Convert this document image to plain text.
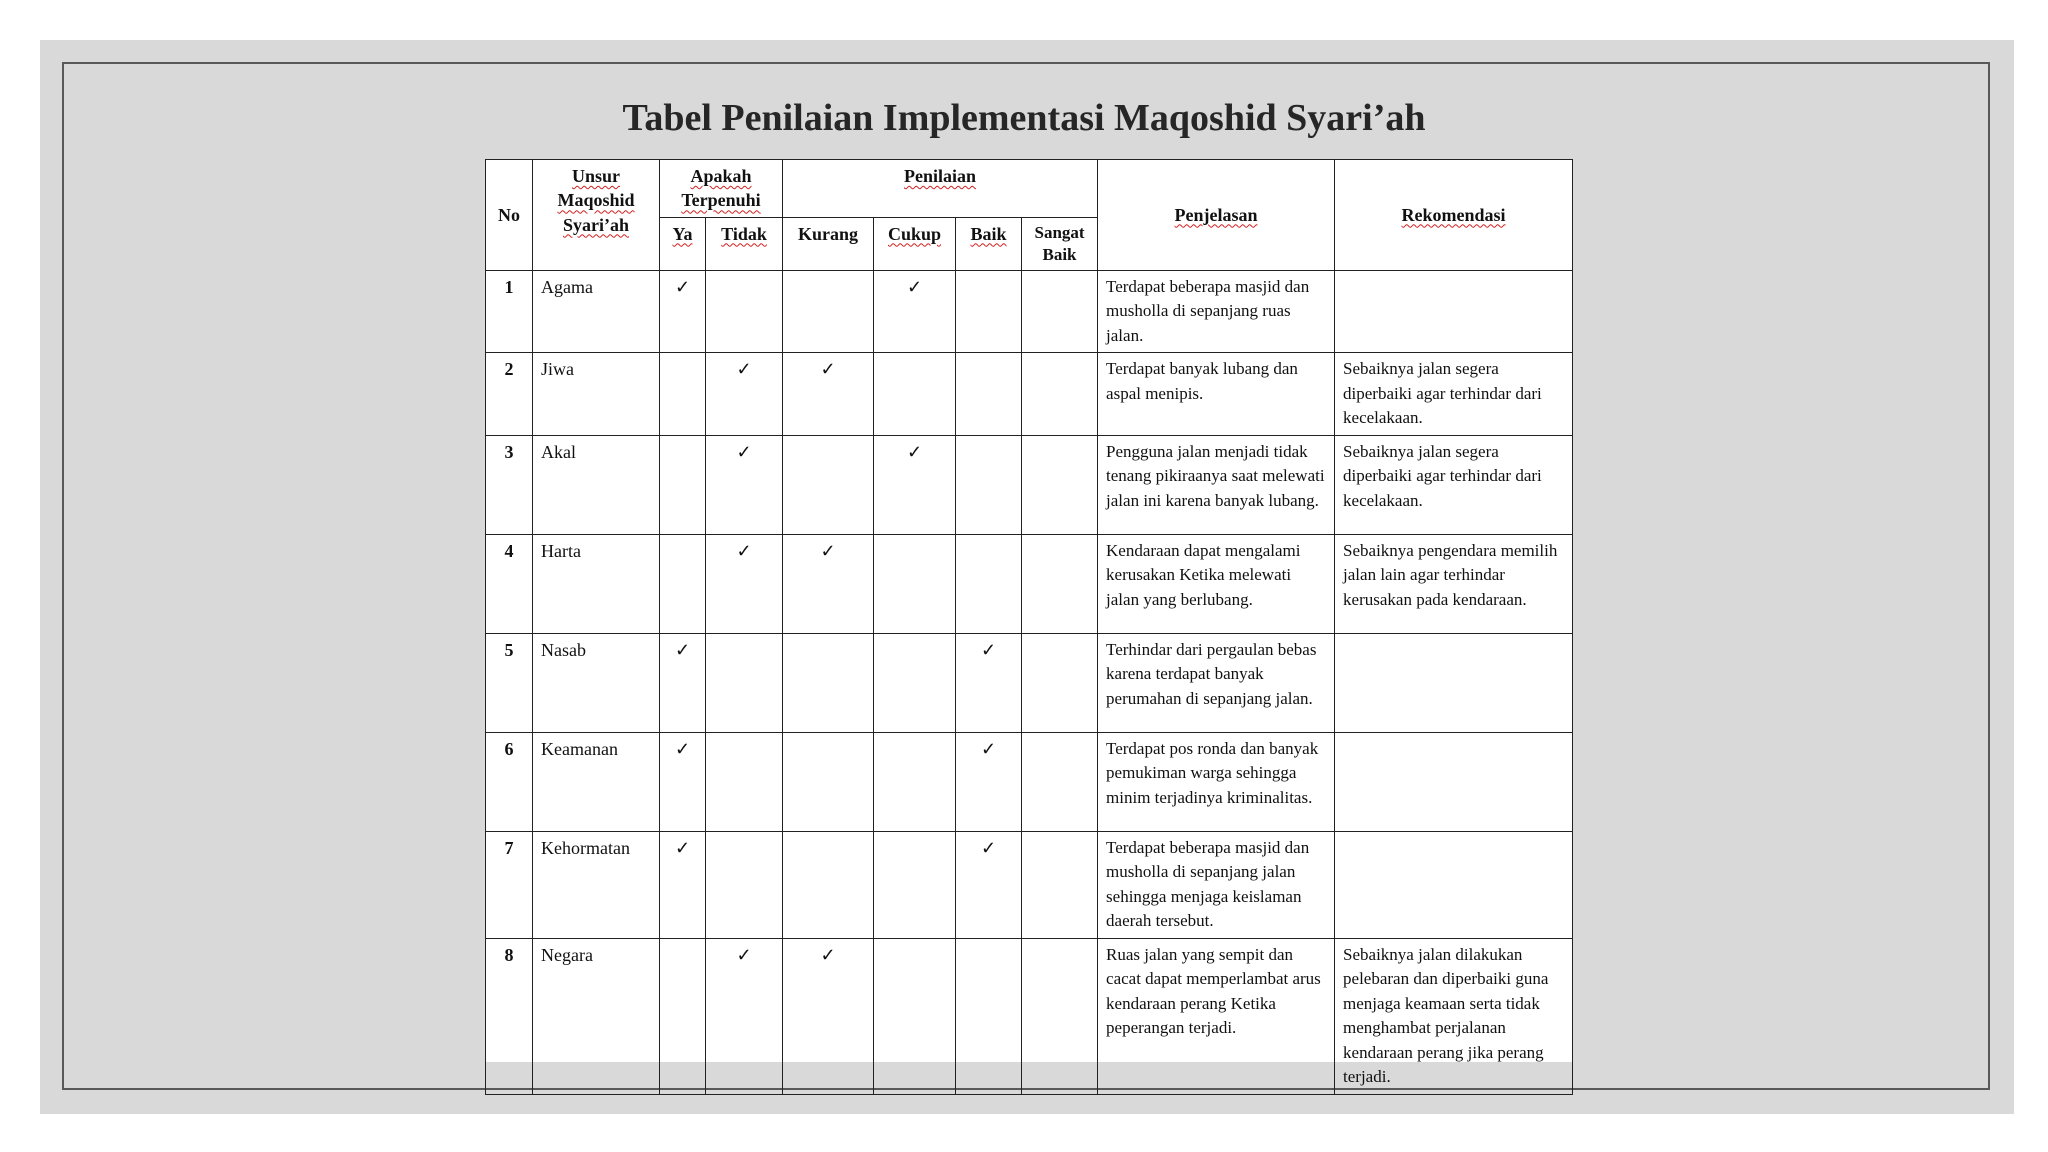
Tabel Penilaian Implementasi Maqoshid Syari’ah
No	Unsur Maqoshid Syari’ah	Apakah Terpenuhi		Penilaian				Penjelasan	Rekomendasi
		Ya	Tidak	Kurang	Cukup	Baik	Sangat Baik		
1	Agama	✓			✓			Terdapat beberapa masjid dan musholla di sepanjang ruas jalan.	
2	Jiwa		✓	✓				Terdapat banyak lubang dan aspal menipis.	Sebaiknya jalan segera diperbaiki agar terhindar dari kecelakaan.
3	Akal		✓		✓			Pengguna jalan menjadi tidak tenang pikiraanya saat melewati jalan ini karena banyak lubang.	Sebaiknya jalan segera diperbaiki agar terhindar dari kecelakaan.
4	Harta		✓	✓				Kendaraan dapat mengalami kerusakan Ketika melewati jalan yang berlubang.	Sebaiknya pengendara memilih jalan lain agar terhindar kerusakan pada kendaraan.
5	Nasab	✓				✓		Terhindar dari pergaulan bebas karena terdapat banyak perumahan di sepanjang jalan.	
6	Keamanan	✓				✓		Terdapat pos ronda dan banyak pemukiman warga sehingga minim terjadinya kriminalitas.	
7	Kehormatan	✓				✓		Terdapat beberapa masjid dan musholla di sepanjang jalan sehingga menjaga keislaman daerah tersebut.	
8	Negara		✓	✓				Ruas jalan yang sempit dan cacat dapat memperlambat arus kendaraan perang Ketika peperangan terjadi.	Sebaiknya jalan dilakukan pelebaran dan diperbaiki guna menjaga keamaan serta tidak menghambat perjalanan kendaraan perang jika perang terjadi.
